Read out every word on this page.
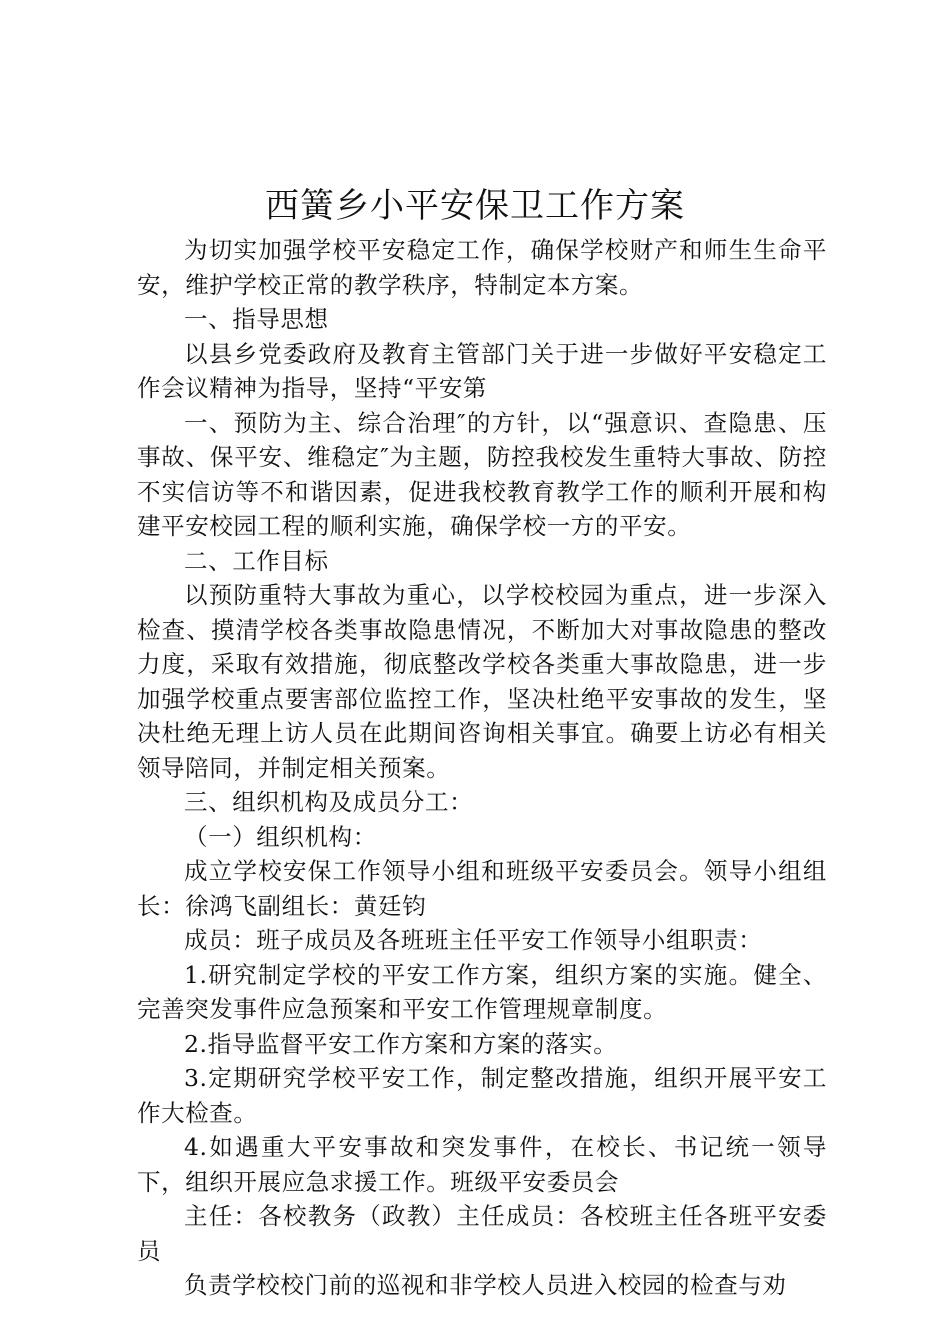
西簧乡小平安保卫工作方案

为切实加强学校平安稳定工作，确保学校财产和师生生命平安，维护学校正常的教学秩序，特制定本方案。

一、指导思想

以县乡党委政府及教育主管部门关于进一步做好平安稳定工作会议精神为指导，坚持“平安第

一、预防为主、综合治理″的方针，以“强意识、查隐患、压事故、保平安、维稳定″为主题，防控我校发生重特大事故、防控不实信访等不和谐因素，促进我校教育教学工作的顺利开展和构建平安校园工程的顺利实施，确保学校一方的平安。

二、工作目标

以预防重特大事故为重心，以学校校园为重点，进一步深入检查、摸清学校各类事故隐患情况，不断加大对事故隐患的整改力度，采取有效措施，彻底整改学校各类重大事故隐患，进一步加强学校重点要害部位监控工作，坚决杜绝平安事故的发生，坚决杜绝无理上访人员在此期间咨询相关事宜。确要上访必有相关领导陪同，并制定相关预案。

三、组织机构及成员分工：

（一）组织机构：

成立学校安保工作领导小组和班级平安委员会。领导小组组长：徐鸿飞副组长：黄廷钧

成员：班子成员及各班班主任平安工作领导小组职责：

1.研究制定学校的平安工作方案，组织方案的实施。健全、完善突发事件应急预案和平安工作管理规章制度。

2.指导监督平安工作方案和方案的落实。

3.定期研究学校平安工作，制定整改措施，组织开展平安工作大检查。

4.如遇重大平安事故和突发事件，在校长、书记统一领导下，组织开展应急求援工作。班级平安委员会

主任：各校教务（政教）主任成员：各校班主任各班平安委员

负责学校校门前的巡视和非学校人员进入校园的检查与劝
